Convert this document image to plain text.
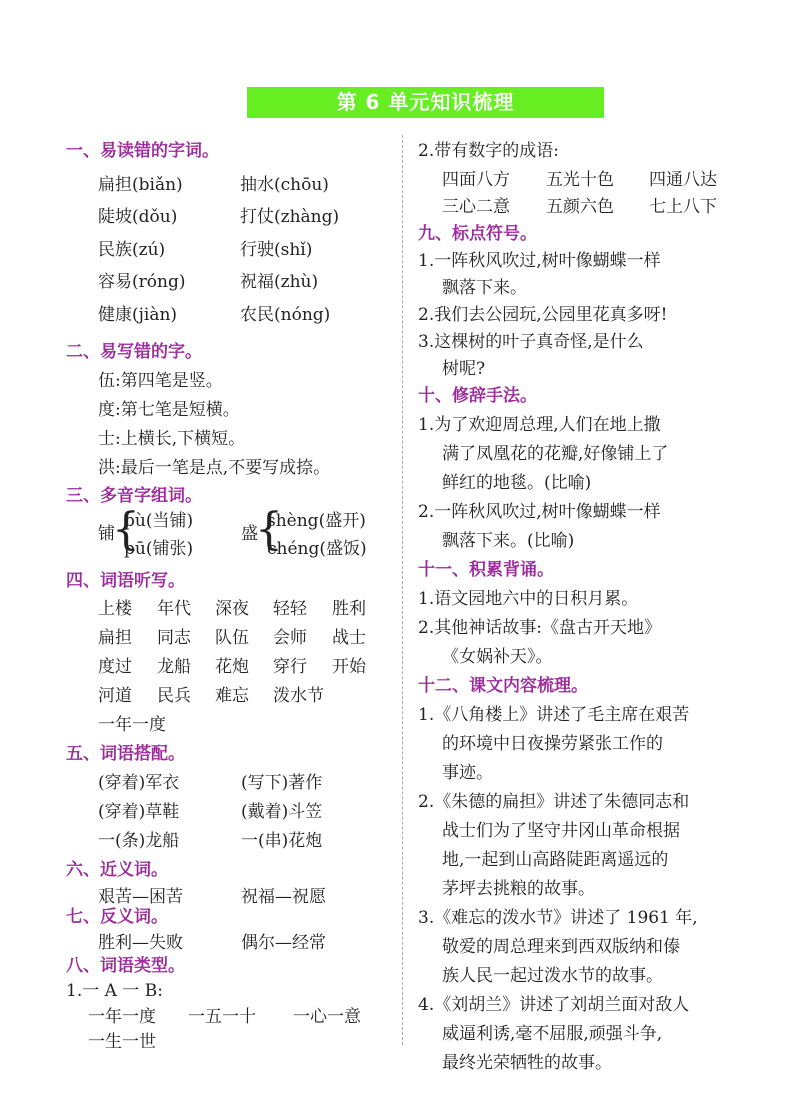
第 6 单元知识梳理
一、易读错的字词。
扁担(biǎn)	抽水(chōu)
陡坡(dǒu)	打仗(zhàng)
民族(zú)	行驶(shǐ)
容易(róng)	祝福(zhù)
健康(jiàn)	农民(nóng)
二、易写错的字。
伍:第四笔是竖。
度:第七笔是短横。
士:上横长,下横短。
洪:最后一笔是点,不要写成捺。
三、多音字组词。
铺
{
pù(当铺)
pū(铺张)
盛
{
shèng(盛开)
chéng(盛饭)
四、词语听写。
上楼 年代 深夜 轻轻 胜利
扁担 同志 队伍 会师 战士
度过 龙船 花炮 穿行 开始
河道 民兵 难忘 泼水节
一年一度
五、词语搭配。
(穿着)军衣	(写下)著作
(穿着)草鞋	(戴着)斗笠
一(条)龙船	一(串)花炮
六、近义词。
艰苦—困苦	祝福—祝愿
七、反义词。
胜利—失败	偶尔—经常
八、词语类型。
1.一 A 一 B:
一年一度 一五一十 一心一意
一生一世
2.带有数字的成语:
四面八方 五光十色 四通八达
三心二意 五颜六色 七上八下
九、标点符号。
1.一阵秋风吹过,树叶像蝴蝶一样
飘落下来。
2.我们去公园玩,公园里花真多呀!
3.这棵树的叶子真奇怪,是什么
树呢?
十、修辞手法。
1.为了欢迎周总理,人们在地上撒
满了凤凰花的花瓣,好像铺上了
鲜红的地毯。(比喻)
2.一阵秋风吹过,树叶像蝴蝶一样
飘落下来。(比喻)
十一、积累背诵。
1.语文园地六中的日积月累。
2.其他神话故事:《盘古开天地》
《女娲补天》。
十二、课文内容梳理。
1.《八角楼上》讲述了毛主席在艰苦
的环境中日夜操劳紧张工作的
事迹。
2.《朱德的扁担》讲述了朱德同志和
战士们为了坚守井冈山革命根据
地,一起到山高路陡距离遥远的
茅坪去挑粮的故事。
3.《难忘的泼水节》讲述了 1961 年,
敬爱的周总理来到西双版纳和傣
族人民一起过泼水节的故事。
4.《刘胡兰》讲述了刘胡兰面对敌人
威逼利诱,毫不屈服,顽强斗争,
最终光荣牺牲的故事。
